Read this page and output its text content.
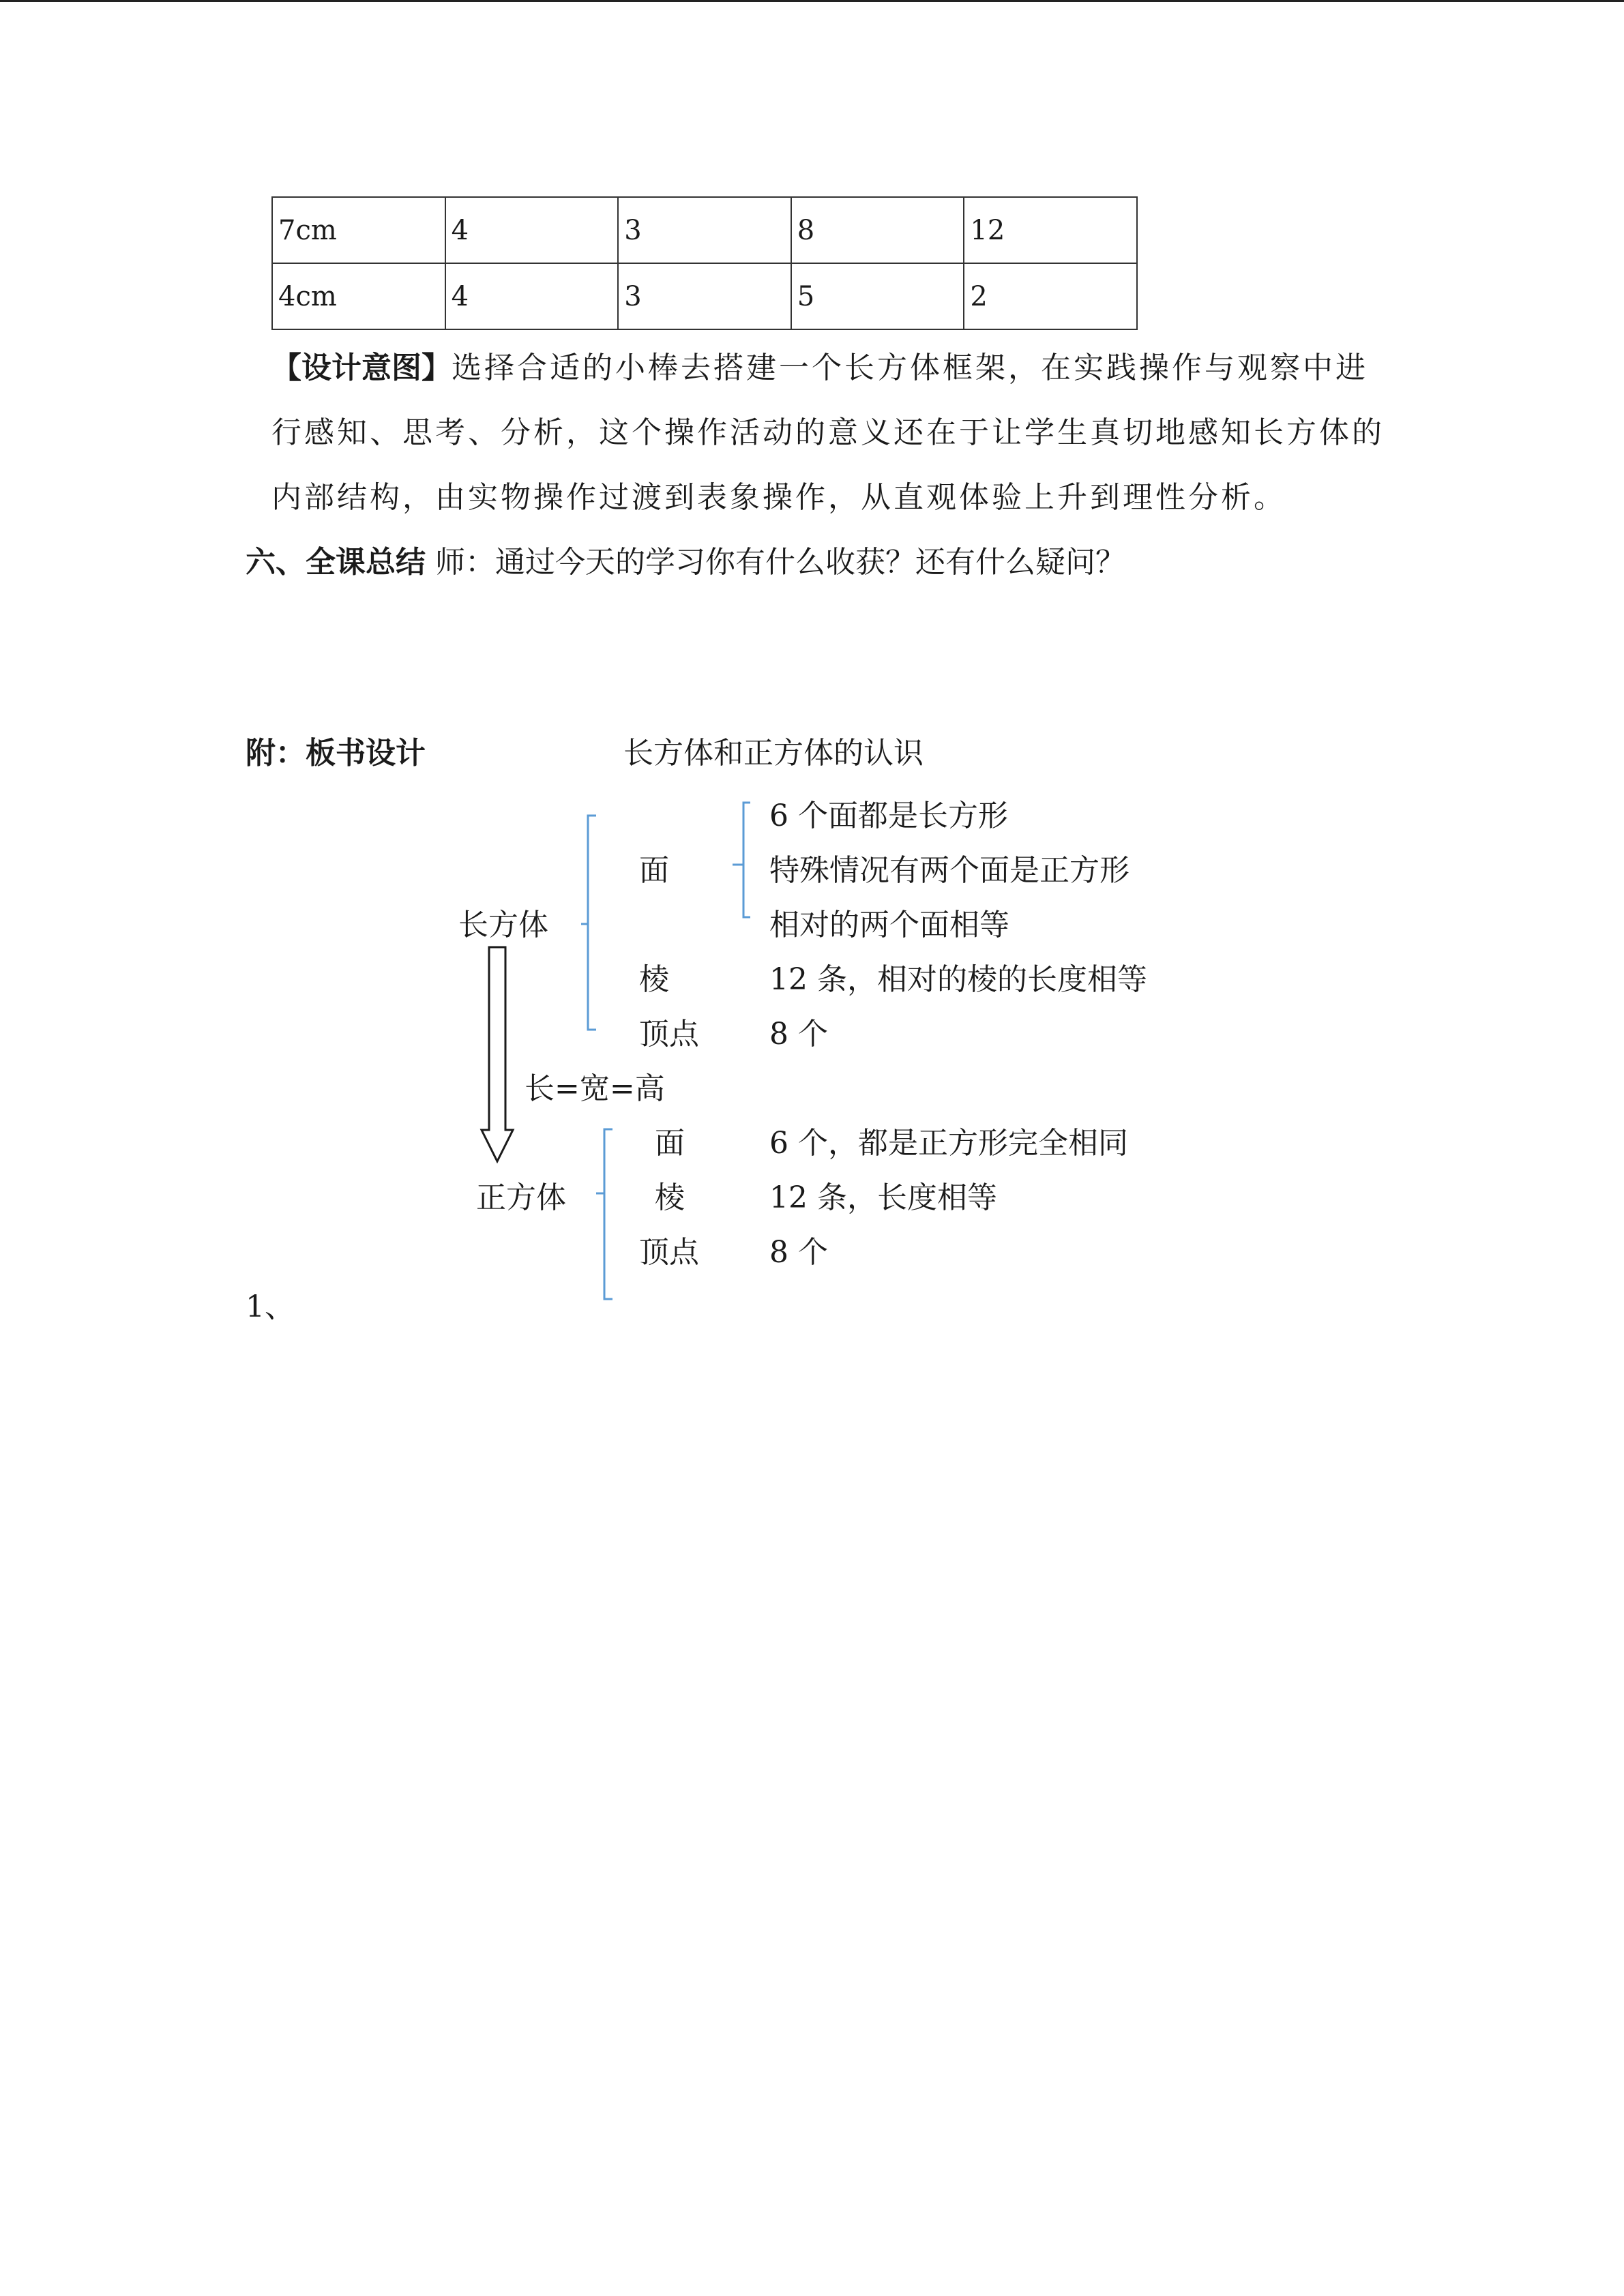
7cm	4	3	8	12
4cm	4	3	5	2
【设计意图】选择合适的小棒去搭建一个长方体框架，在实践操作与观察中进
行感知、思考、分析，这个操作活动的意义还在于让学生真切地感知长方体的
内部结构，由实物操作过渡到表象操作，从直观体验上升到理性分析。
六、全课总结 师：通过今天的学习你有什么收获？还有什么疑问？
附：板书设计	长方体和正方体的认识
6 个面都是长方形
面	特殊情况有两个面是正方形
长方体	相对的两个面相等
棱	12 条，相对的棱的长度相等
顶点 8 个
长=宽=高
面	6 个，都是正方形完全相同
正方体	棱	12 条，长度相等
顶点 8 个
1、
